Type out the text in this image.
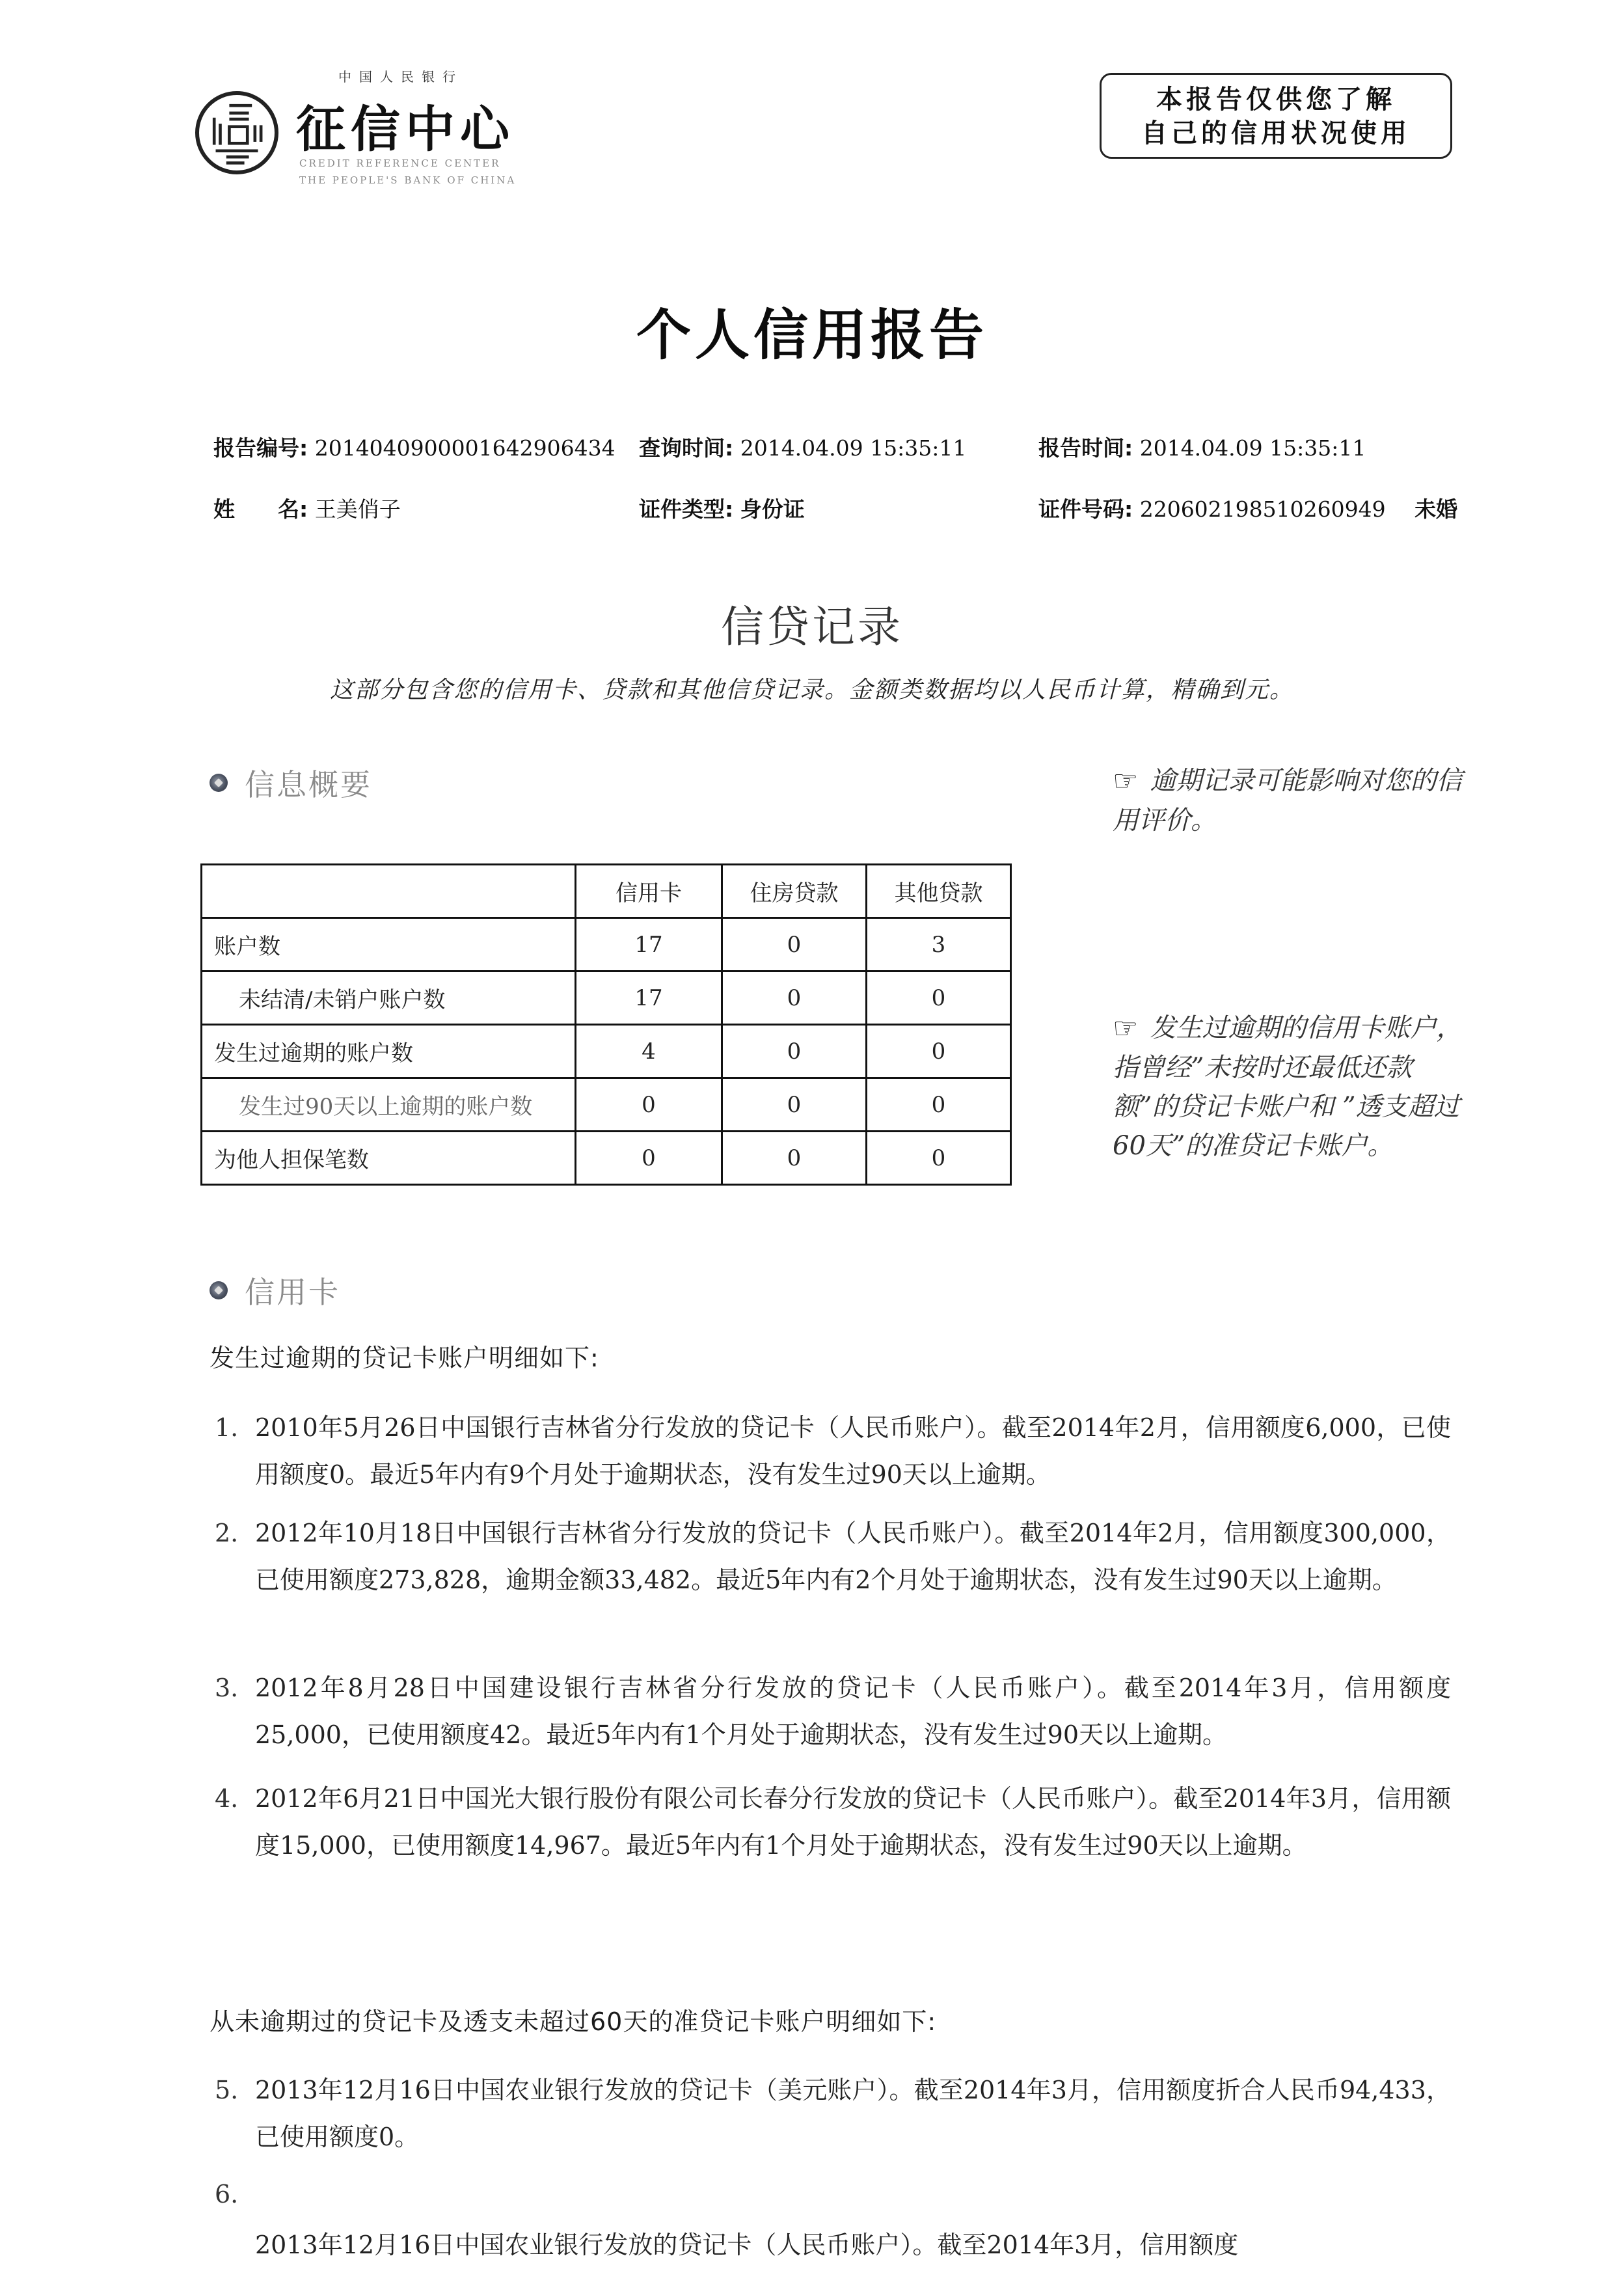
中国人民银行
征信中心
CREDIT REFERENCE CENTER
THE PEOPLE'S BANK OF CHINA
本报告仅供您了解
自己的信用状况使用
个人信用报告
报告编号: 2014040900001642906434 查询时间: 2014.04.09 15:35:11	报告时间: 2014.04.09 15:35:11
姓　　名: 王美俏子	证件类型: 身份证	证件号码: 220602198510260949 未婚
信贷记录
这部分包含您的信用卡、贷款和其他信贷记录。金额类数据均以人民币计算，精确到元。
信息概要
	信用卡	住房贷款	其他贷款
账户数	17	0	3
未结清/未销户账户数	17	0	0
发生过逾期的账户数	4	0	0
发生过90天以上逾期的账户数	0	0	0
为他人担保笔数	0	0	0
☞ 逾期记录可能影响对您的信用评价。
☞ 发生过逾期的信用卡账户，指曾经”未按时还最低还款额”的贷记卡账户和 ”透支超过60天”的准贷记卡账户。
信用卡
发生过逾期的贷记卡账户明细如下:
1. 2010年5月26日中国银行吉林省分行发放的贷记卡（人民币账户）。截至2014年2月，信用额度6,000，已使用额度0。最近5年内有9个月处于逾期状态，没有发生过90天以上逾期。
2. 2012年10月18日中国银行吉林省分行发放的贷记卡（人民币账户）。截至2014年2月，信用额度300,000，已使用额度273,828，逾期金额33,482。最近5年内有2个月处于逾期状态，没有发生过90天以上逾期。
3. 2012年8月28日中国建设银行吉林省分行发放的贷记卡（人民币账户）。截至2014年3月，信用额度25,000，已使用额度42。最近5年内有1个月处于逾期状态，没有发生过90天以上逾期。
4. 2012年6月21日中国光大银行股份有限公司长春分行发放的贷记卡（人民币账户）。截至2014年3月，信用额度15,000，已使用额度14,967。最近5年内有1个月处于逾期状态，没有发生过90天以上逾期。
从未逾期过的贷记卡及透支未超过60天的准贷记卡账户明细如下:
5. 2013年12月16日中国农业银行发放的贷记卡（美元账户）。截至2014年3月，信用额度折合人民币94,433，已使用额度0。
6.
2013年12月16日中国农业银行发放的贷记卡（人民币账户）。截至2014年3月，信用额度
